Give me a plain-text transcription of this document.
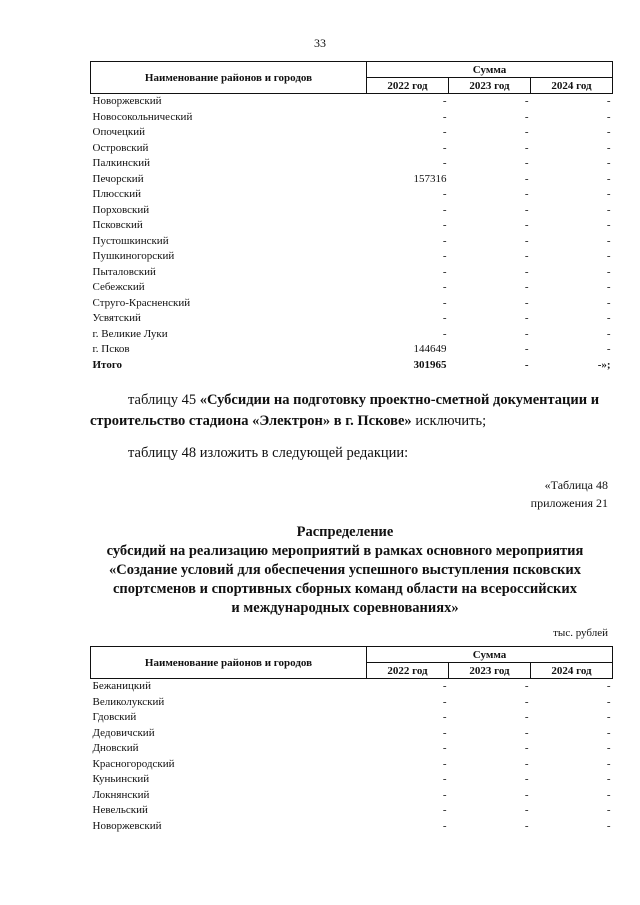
33
Наименование районов и городов	Сумма		
	2022 год	2023 год	2024 год
Новоржевский	-	-	-
Новосокольнический	-	-	-
Опочецкий	-	-	-
Островский	-	-	-
Палкинский	-	-	-
Печорский	157316	-	-
Плюсский	-	-	-
Порховский	-	-	-
Псковский	-	-	-
Пустошкинский	-	-	-
Пушкиногорский	-	-	-
Пыталовский	-	-	-
Себежский	-	-	-
Струго-Красненский	-	-	-
Усвятский	-	-	-
г. Великие Луки	-	-	-
г. Псков	144649	-	-
Итого	301965	-	-»;
таблицу 45 «Субсидии на подготовку проектно-сметной документации и строительство стадиона «Электрон» в г. Пскове» исключить;
таблицу 48 изложить в следующей редакции:
«Таблица 48
приложения 21
Распределение
субсидий на реализацию мероприятий в рамках основного мероприятия
«Создание условий для обеспечения успешного выступления псковских
спортсменов и спортивных сборных команд области на всероссийских
и международных соревнованиях»
тыс. рублей
Наименование районов и городов	Сумма		
	2022 год	2023 год	2024 год
Бежаницкий	-	-	-
Великолукский	-	-	-
Гдовский	-	-	-
Дедовичский	-	-	-
Дновский	-	-	-
Красногородский	-	-	-
Куньинский	-	-	-
Локнянский	-	-	-
Невельский	-	-	-
Новоржевский	-	-	-
